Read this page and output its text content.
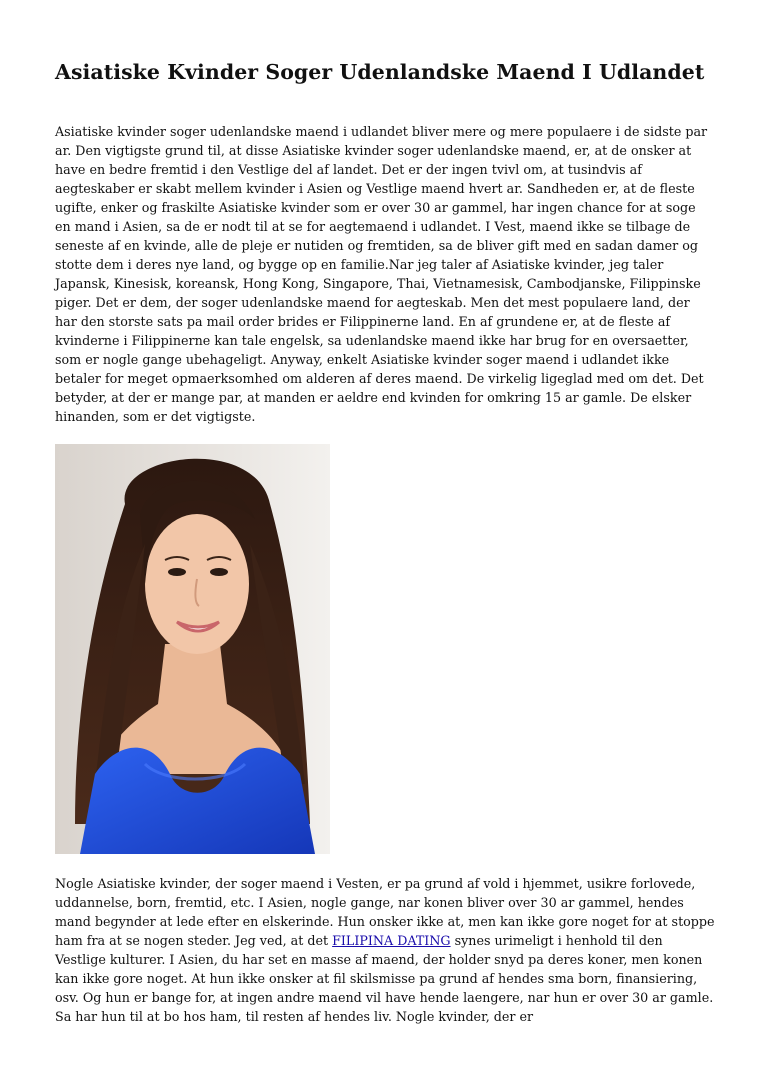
Asiatiske Kvinder Soger Udenlandske Maend I Udlandet

Asiatiske kvinder soger udenlandske maend i udlandet bliver mere og mere populaere i de sidste par ar. Den vigtigste grund til, at disse Asiatiske kvinder soger udenlandske maend, er, at de onsker at have en bedre fremtid i den Vestlige del af landet. Det er der ingen tvivl om, at tusindvis af aegteskaber er skabt mellem kvinder i Asien og Vestlige maend hvert ar. Sandheden er, at de fleste ugifte, enker og fraskilte Asiatiske kvinder som er over 30 ar gammel, har ingen chance for at soge en mand i Asien, sa de er nodt til at se for aegtemaend i udlandet. I Vest, maend ikke se tilbage de seneste af en kvinde, alle de pleje er nutiden og fremtiden, sa de bliver gift med en sadan damer og stotte dem i deres nye land, og bygge op en familie.Nar jeg taler af Asiatiske kvinder, jeg taler Japansk, Kinesisk, koreansk, Hong Kong, Singapore, Thai, Vietnamesisk, Cambodjanske, Filippinske piger. Det er dem, der soger udenlandske maend for aegteskab. Men det mest populaere land, der har den storste sats pa mail order brides er Filippinerne land. En af grundene er, at de fleste af kvinderne i Filippinerne kan tale engelsk, sa udenlandske maend ikke har brug for en oversaetter, som er nogle gange ubehageligt. Anyway, enkelt Asiatiske kvinder soger maend i udlandet ikke betaler for meget opmaerksomhed om alderen af deres maend. De virkelig ligeglad med om det. Det betyder, at der er mange par, at manden er aeldre end kvinden for omkring 15 ar gamle. De elsker hinanden, som er det vigtigste.

Nogle Asiatiske kvinder, der soger maend i Vesten, er pa grund af vold i hjemmet, usikre forlovede, uddannelse, born, fremtid, etc. I Asien, nogle gange, nar konen bliver over 30 ar gammel, hendes mand begynder at lede efter en elskerinde. Hun onsker ikke at, men kan ikke gore noget for at stoppe ham fra at se nogen steder. Jeg ved, at det FILIPINA DATING synes urimeligt i henhold til den Vestlige kulturer. I Asien, du har set en masse af maend, der holder snyd pa deres koner, men konen kan ikke gore noget. At hun ikke onsker at fil skilsmisse pa grund af hendes sma born, finansiering, osv. Og hun er bange for, at ingen andre maend vil have hende laengere, nar hun er over 30 ar gamle. Sa har hun til at bo hos ham, til resten af hendes liv. Nogle kvinder, der er
